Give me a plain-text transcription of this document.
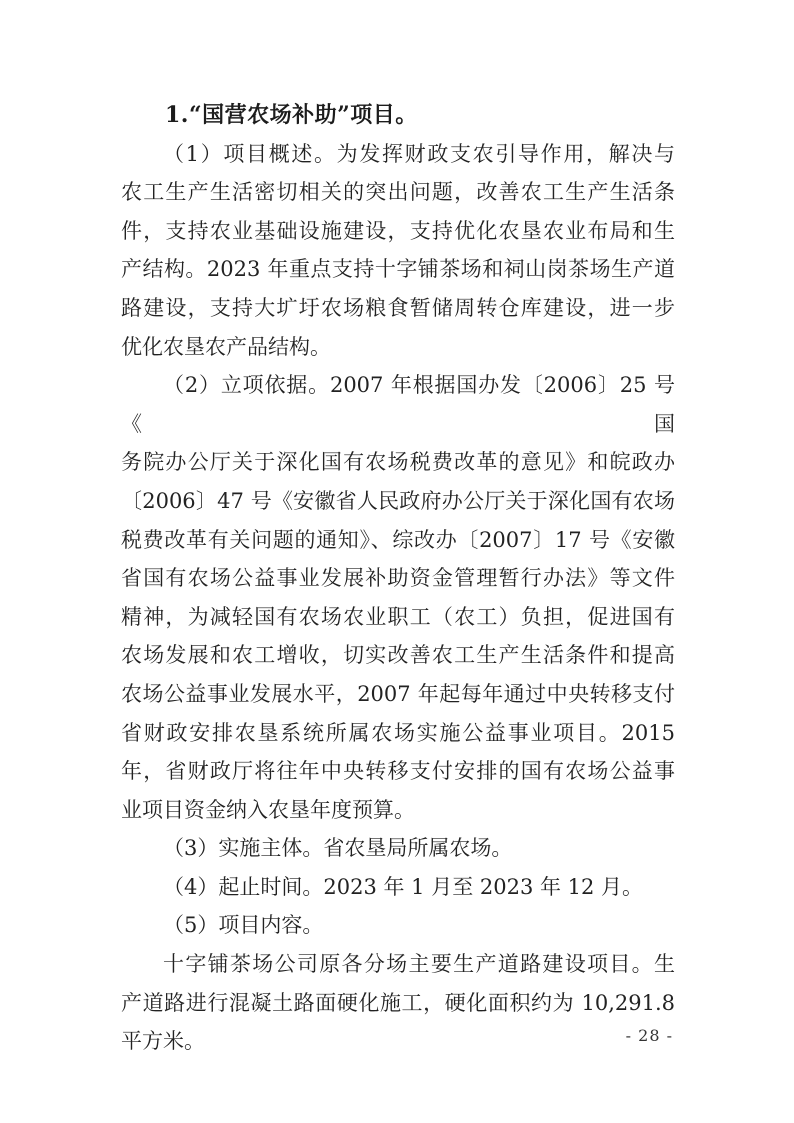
1.“国营农场补助”项目。
（1）项目概述。为发挥财政支农引导作用，解决与
农工生产生活密切相关的突出问题，改善农工生产生活条
件，支持农业基础设施建设，支持优化农垦农业布局和生
产结构。2023 年重点支持十字铺茶场和祠山岗茶场生产道
路建设，支持大圹圩农场粮食暂储周转仓库建设，进一步
优化农垦农产品结构。
（2）立项依据。2007 年根据国办发〔2006〕25 号《国
务院办公厅关于深化国有农场税费改革的意见》和皖政办
〔2006〕47 号《安徽省人民政府办公厅关于深化国有农场
税费改革有关问题的通知》、综改办〔2007〕17 号《安徽
省国有农场公益事业发展补助资金管理暂行办法》等文件
精神，为减轻国有农场农业职工（农工）负担，促进国有
农场发展和农工增收，切实改善农工生产生活条件和提高
农场公益事业发展水平，2007 年起每年通过中央转移支付
省财政安排农垦系统所属农场实施公益事业项目。2015
年，省财政厅将往年中央转移支付安排的国有农场公益事
业项目资金纳入农垦年度预算。
（3）实施主体。省农垦局所属农场。
（4）起止时间。2023 年 1 月至 2023 年 12 月。
（5）项目内容。
十字铺茶场公司原各分场主要生产道路建设项目。生
产道路进行混凝土路面硬化施工，硬化面积约为 10,291.8
平方米。	- 28 -
